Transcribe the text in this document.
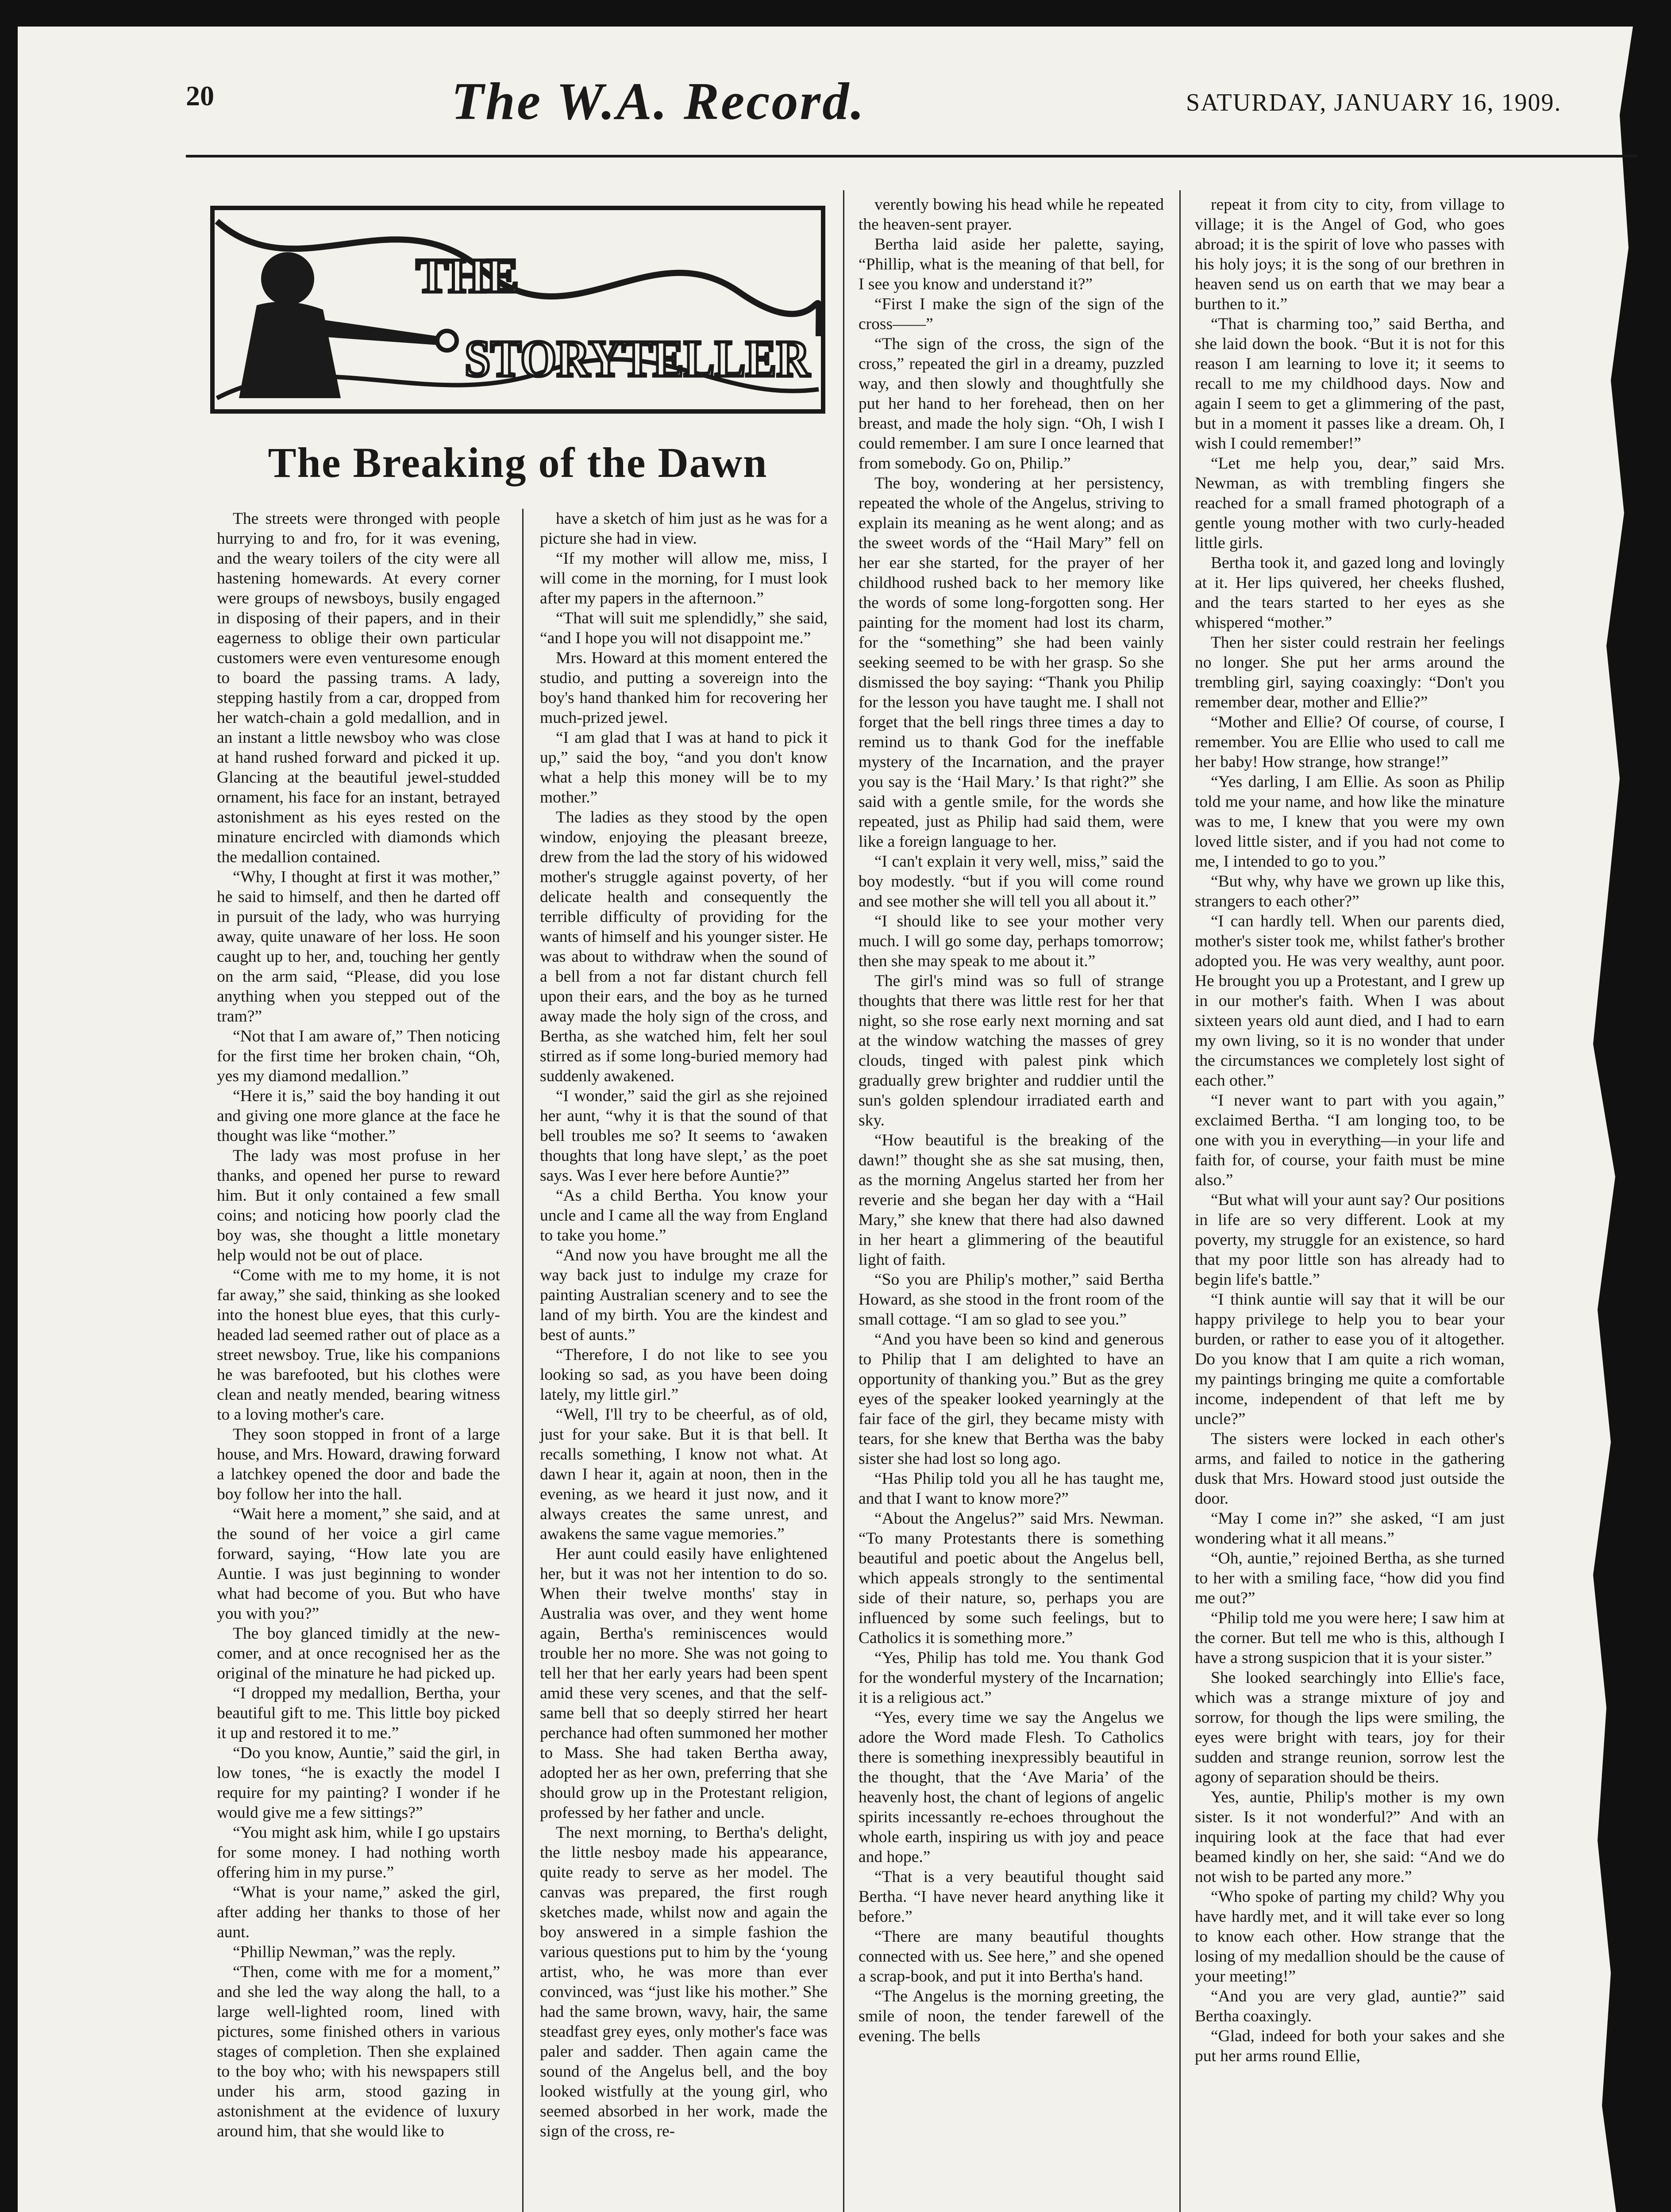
20	The W.A. Record.	SATURDAY, JANUARY 16, 1909.
THE
STORYTELLER
The Breaking of the Dawn

The streets were thronged with people hurrying to and fro, for it was evening, and the weary toilers of the city were all hastening homewards. At every corner were groups of newsboys, busily engaged in disposing of their papers, and in their eagerness to oblige their own particular customers were even venturesome enough to board the passing trams. A lady, stepping hastily from a car, dropped from her watch-chain a gold medallion, and in an instant a little newsboy who was close at hand rushed forward and picked it up. Glancing at the beautiful jewel-studded ornament, his face for an instant, betrayed astonishment as his eyes rested on the minature encircled with diamonds which the medallion contained.

“Why, I thought at first it was mother,” he said to himself, and then he darted off in pursuit of the lady, who was hurrying away, quite unaware of her loss. He soon caught up to her, and, touching her gently on the arm said, “Please, did you lose anything when you stepped out of the tram?”

“Not that I am aware of,” Then noticing for the first time her broken chain, “Oh, yes my diamond medallion.”

“Here it is,” said the boy handing it out and giving one more glance at the face he thought was like “mother.”

The lady was most profuse in her thanks, and opened her purse to reward him. But it only contained a few small coins; and noticing how poorly clad the boy was, she thought a little monetary help would not be out of place.

“Come with me to my home, it is not far away,” she said, thinking as she looked into the honest blue eyes, that this curly-headed lad seemed rather out of place as a street newsboy. True, like his companions he was barefooted, but his clothes were clean and neatly mended, bearing witness to a loving mother's care.

They soon stopped in front of a large house, and Mrs. Howard, drawing forward a latchkey opened the door and bade the boy follow her into the hall.

“Wait here a moment,” she said, and at the sound of her voice a girl came forward, saying, “How late you are Auntie. I was just beginning to wonder what had become of you. But who have you with you?”

The boy glanced timidly at the new-comer, and at once recognised her as the original of the minature he had picked up.

“I dropped my medallion, Bertha, your beautiful gift to me. This little boy picked it up and restored it to me.”

“Do you know, Auntie,” said the girl, in low tones, “he is exactly the model I require for my painting? I wonder if he would give me a few sittings?”

“You might ask him, while I go upstairs for some money. I had nothing worth offering him in my purse.”

“What is your name,” asked the girl, after adding her thanks to those of her aunt.

“Phillip Newman,” was the reply.

“Then, come with me for a moment,” and she led the way along the hall, to a large well-lighted room, lined with pictures, some finished others in various stages of completion. Then she explained to the boy who; with his newspapers still under his arm, stood gazing in astonishment at the evidence of luxury around him, that she would like to

have a sketch of him just as he was for a picture she had in view.

“If my mother will allow me, miss, I will come in the morning, for I must look after my papers in the afternoon.”

“That will suit me splendidly,” she said, “and I hope you will not disappoint me.”

Mrs. Howard at this moment entered the studio, and putting a sovereign into the boy's hand thanked him for recovering her much-prized jewel.

“I am glad that I was at hand to pick it up,” said the boy, “and you don't know what a help this money will be to my mother.”

The ladies as they stood by the open window, enjoying the pleasant breeze, drew from the lad the story of his widowed mother's struggle against poverty, of her delicate health and consequently the terrible difficulty of providing for the wants of himself and his younger sister. He was about to withdraw when the sound of a bell from a not far distant church fell upon their ears, and the boy as he turned away made the holy sign of the cross, and Bertha, as she watched him, felt her soul stirred as if some long-buried memory had suddenly awakened.

“I wonder,” said the girl as she rejoined her aunt, “why it is that the sound of that bell troubles me so? It seems to ‘awaken thoughts that long have slept,’ as the poet says. Was I ever here before Auntie?”

“As a child Bertha. You know your uncle and I came all the way from England to take you home.”

“And now you have brought me all the way back just to indulge my craze for painting Australian scenery and to see the land of my birth. You are the kindest and best of aunts.”

“Therefore, I do not like to see you looking so sad, as you have been doing lately, my little girl.”

“Well, I'll try to be cheerful, as of old, just for your sake. But it is that bell. It recalls something, I know not what. At dawn I hear it, again at noon, then in the evening, as we heard it just now, and it always creates the same unrest, and awakens the same vague memories.”

Her aunt could easily have enlightened her, but it was not her intention to do so. When their twelve months' stay in Australia was over, and they went home again, Bertha's reminiscences would trouble her no more. She was not going to tell her that her early years had been spent amid these very scenes, and that the self-same bell that so deeply stirred her heart perchance had often summoned her mother to Mass. She had taken Bertha away, adopted her as her own, preferring that she should grow up in the Protestant religion, professed by her father and uncle.

The next morning, to Bertha's delight, the little nesboy made his appearance, quite ready to serve as her model. The canvas was prepared, the first rough sketches made, whilst now and again the boy answered in a simple fashion the various questions put to him by the ‘young artist, who, he was more than ever convinced, was “just like his mother.” She had the same brown, wavy, hair, the same steadfast grey eyes, only mother's face was paler and sadder. Then again came the sound of the Angelus bell, and the boy looked wistfully at the young girl, who seemed absorbed in her work, made the sign of the cross, re-

verently bowing his head while he repeated the heaven-sent prayer.

Bertha laid aside her palette, saying, “Phillip, what is the meaning of that bell, for I see you know and understand it?”

“First I make the sign of the sign of the cross——”

“The sign of the cross, the sign of the cross,” repeated the girl in a dreamy, puzzled way, and then slowly and thoughtfully she put her hand to her forehead, then on her breast, and made the holy sign. “Oh, I wish I could remember. I am sure I once learned that from somebody. Go on, Philip.”

The boy, wondering at her persistency, repeated the whole of the Angelus, striving to explain its meaning as he went along; and as the sweet words of the “Hail Mary” fell on her ear she started, for the prayer of her childhood rushed back to her memory like the words of some long-forgotten song. Her painting for the moment had lost its charm, for the “something” she had been vainly seeking seemed to be with her grasp. So she dismissed the boy saying: “Thank you Philip for the lesson you have taught me. I shall not forget that the bell rings three times a day to remind us to thank God for the ineffable mystery of the Incarnation, and the prayer you say is the ‘Hail Mary.’ Is that right?” she said with a gentle smile, for the words she repeated, just as Philip had said them, were like a foreign language to her.

“I can't explain it very well, miss,” said the boy modestly. “but if you will come round and see mother she will tell you all about it.”

“I should like to see your mother very much. I will go some day, perhaps tomorrow; then she may speak to me about it.”

The girl's mind was so full of strange thoughts that there was little rest for her that night, so she rose early next morning and sat at the window watching the masses of grey clouds, tinged with palest pink which gradually grew brighter and ruddier until the sun's golden splendour irradiated earth and sky.

“How beautiful is the breaking of the dawn!” thought she as she sat musing, then, as the morning Angelus started her from her reverie and she began her day with a “Hail Mary,” she knew that there had also dawned in her heart a glimmering of the beautiful light of faith.

“So you are Philip's mother,” said Bertha Howard, as she stood in the front room of the small cottage. “I am so glad to see you.”

“And you have been so kind and generous to Philip that I am delighted to have an opportunity of thanking you.” But as the grey eyes of the speaker looked yearningly at the fair face of the girl, they became misty with tears, for she knew that Bertha was the baby sister she had lost so long ago.

“Has Philip told you all he has taught me, and that I want to know more?”

“About the Angelus?” said Mrs. Newman. “To many Protestants there is something beautiful and poetic about the Angelus bell, which appeals strongly to the sentimental side of their nature, so, perhaps you are influenced by some such feelings, but to Catholics it is something more.”

“Yes, Philip has told me. You thank God for the wonderful mystery of the Incarnation; it is a religious act.”

“Yes, every time we say the Angelus we adore the Word made Flesh. To Catholics there is something inexpressibly beautiful in the thought, that the ‘Ave Maria’ of the heavenly host, the chant of legions of angelic spirits incessantly re-echoes throughout the whole earth, inspiring us with joy and peace and hope.”

“That is a very beautiful thought said Bertha. “I have never heard anything like it before.”

“There are many beautiful thoughts connected with us. See here,” and she opened a scrap-book, and put it into Bertha's hand.

“The Angelus is the morning greeting, the smile of noon, the tender farewell of the evening. The bells

repeat it from city to city, from village to village; it is the Angel of God, who goes abroad; it is the spirit of love who passes with his holy joys; it is the song of our brethren in heaven send us on earth that we may bear a burthen to it.”

“That is charming too,” said Bertha, and she laid down the book. “But it is not for this reason I am learning to love it; it seems to recall to me my childhood days. Now and again I seem to get a glimmering of the past, but in a moment it passes like a dream. Oh, I wish I could remember!”

“Let me help you, dear,” said Mrs. Newman, as with trembling fingers she reached for a small framed photograph of a gentle young mother with two curly-headed little girls.

Bertha took it, and gazed long and lovingly at it. Her lips quivered, her cheeks flushed, and the tears started to her eyes as she whispered “mother.”

Then her sister could restrain her feelings no longer. She put her arms around the trembling girl, saying coaxingly: “Don't you remember dear, mother and Ellie?”

“Mother and Ellie? Of course, of course, I remember. You are Ellie who used to call me her baby! How strange, how strange!”

“Yes darling, I am Ellie. As soon as Philip told me your name, and how like the minature was to me, I knew that you were my own loved little sister, and if you had not come to me, I intended to go to you.”

“But why, why have we grown up like this, strangers to each other?”

“I can hardly tell. When our parents died, mother's sister took me, whilst father's brother adopted you. He was very wealthy, aunt poor. He brought you up a Protestant, and I grew up in our mother's faith. When I was about sixteen years old aunt died, and I had to earn my own living, so it is no wonder that under the circumstances we completely lost sight of each other.”

“I never want to part with you again,” exclaimed Bertha. “I am longing too, to be one with you in everything—in your life and faith for, of course, your faith must be mine also.”

“But what will your aunt say? Our positions in life are so very different. Look at my poverty, my struggle for an existence, so hard that my poor little son has already had to begin life's battle.”

“I think auntie will say that it will be our happy privilege to help you to bear your burden, or rather to ease you of it altogether. Do you know that I am quite a rich woman, my paintings bringing me quite a comfortable income, independent of that left me by uncle?”

The sisters were locked in each other's arms, and failed to notice in the gathering dusk that Mrs. Howard stood just outside the door.

“May I come in?” she asked, “I am just wondering what it all means.”

“Oh, auntie,” rejoined Bertha, as she turned to her with a smiling face, “how did you find me out?”

“Philip told me you were here; I saw him at the corner. But tell me who is this, although I have a strong suspicion that it is your sister.”

She looked searchingly into Ellie's face, which was a strange mixture of joy and sorrow, for though the lips were smiling, the eyes were bright with tears, joy for their sudden and strange reunion, sorrow lest the agony of separation should be theirs.

Yes, auntie, Philip's mother is my own sister. Is it not wonderful?” And with an inquiring look at the face that had ever beamed kindly on her, she said: “And we do not wish to be parted any more.”

“Who spoke of parting my child? Why you have hardly met, and it will take ever so long to know each other. How strange that the losing of my medallion should be the cause of your meeting!”

“And you are very glad, auntie?” said Bertha coaxingly.

“Glad, indeed for both your sakes and she put her arms round Ellie,
